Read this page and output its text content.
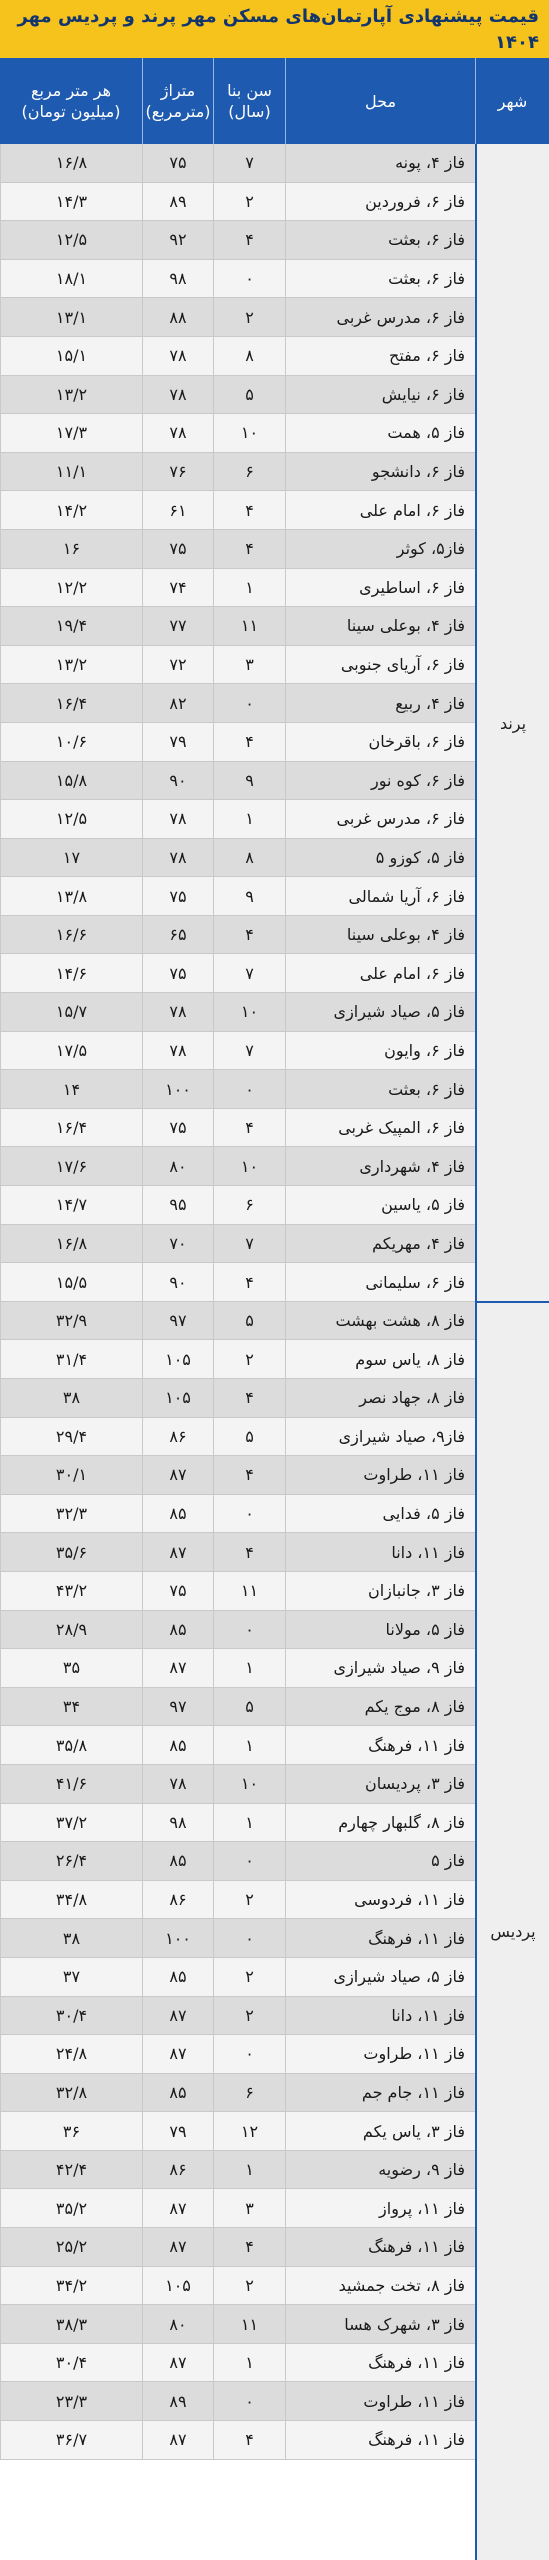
قیمت پیشنهادی آپارتمان‌های مسکن مهر پرند و پردیس مهر ۱۴۰۴
شهر
محل
سن بنا (سال)
متراژ (مترمربع)
هر متر مربع (میلیون تومان)
پرند
پردیس
فاز ۴، پونه
۷
۷۵
۱۶/۸
فاز ۶، فروردین
۲
۸۹
۱۴/۳
فاز ۶، بعثت
۴
۹۲
۱۲/۵
فاز ۶، بعثت
۰
۹۸
۱۸/۱
فاز ۶، مدرس غربی
۲
۸۸
۱۳/۱
فاز ۶، مفتح
۸
۷۸
۱۵/۱
فاز ۶، نیایش
۵
۷۸
۱۳/۲
فاز ۵، همت
۱۰
۷۸
۱۷/۳
فاز ۶، دانشجو
۶
۷۶
۱۱/۱
فاز ۶، امام علی
۴
۶۱
۱۴/۲
فاز۵، کوثر
۴
۷۵
۱۶
فاز ۶، اساطیری
۱
۷۴
۱۲/۲
فاز ۴، بوعلی سینا
۱۱
۷۷
۱۹/۴
فاز ۶، آریای جنوبی
۳
۷۲
۱۳/۲
فاز ۴، ربیع
۰
۸۲
۱۶/۴
فاز ۶، باقرخان
۴
۷۹
۱۰/۶
فاز ۶، کوه نور
۹
۹۰
۱۵/۸
فاز ۶، مدرس غربی
۱
۷۸
۱۲/۵
فاز ۵، کوزو ۵
۸
۷۸
۱۷
فاز ۶، آریا شمالی
۹
۷۵
۱۳/۸
فاز ۴، بوعلی سینا
۴
۶۵
۱۶/۶
فاز ۶، امام علی
۷
۷۵
۱۴/۶
فاز ۵، صیاد شیرازی
۱۰
۷۸
۱۵/۷
فاز ۶، وایون
۷
۷۸
۱۷/۵
فاز ۶، بعثت
۰
۱۰۰
۱۴
فاز ۶، المپیک غربی
۴
۷۵
۱۶/۴
فاز ۴، شهرداری
۱۰
۸۰
۱۷/۶
فاز ۵، یاسین
۶
۹۵
۱۴/۷
فاز ۴، مهریکم
۷
۷۰
۱۶/۸
فاز ۶، سلیمانی
۴
۹۰
۱۵/۵
فاز ۸، هشت بهشت
۵
۹۷
۳۲/۹
فاز ۸، یاس سوم
۲
۱۰۵
۳۱/۴
فاز ۸، جهاد نصر
۴
۱۰۵
۳۸
فاز۹، صیاد شیرازی
۵
۸۶
۲۹/۴
فاز ۱۱، طراوت
۴
۸۷
۳۰/۱
فاز ۵، فدایی
۰
۸۵
۳۲/۳
فاز ۱۱، دانا
۴
۸۷
۳۵/۶
فاز ۳، جانبازان
۱۱
۷۵
۴۳/۲
فاز ۵، مولانا
۰
۸۵
۲۸/۹
فاز ۹، صیاد شیرازی
۱
۸۷
۳۵
فاز ۸، موج یکم
۵
۹۷
۳۴
فاز ۱۱، فرهنگ
۱
۸۵
۳۵/۸
فاز ۳، پردیسان
۱۰
۷۸
۴۱/۶
فاز ۸، گلبهار چهارم
۱
۹۸
۳۷/۲
فاز ۵
۰
۸۵
۲۶/۴
فاز ۱۱، فردوسی
۲
۸۶
۳۴/۸
فاز ۱۱، فرهنگ
۰
۱۰۰
۳۸
فاز ۵، صیاد شیرازی
۲
۸۵
۳۷
فاز ۱۱، دانا
۲
۸۷
۳۰/۴
فاز ۱۱، طراوت
۰
۸۷
۲۴/۸
فاز ۱۱، جام جم
۶
۸۵
۳۲/۸
فاز ۳، یاس یکم
۱۲
۷۹
۳۶
فاز ۹، رضویه
۱
۸۶
۴۲/۴
فاز ۱۱، پرواز
۳
۸۷
۳۵/۲
فاز ۱۱، فرهنگ
۴
۸۷
۲۵/۲
فاز ۸، تخت جمشید
۲
۱۰۵
۳۴/۲
فاز ۳، شهرک هسا
۱۱
۸۰
۳۸/۳
فاز ۱۱، فرهنگ
۱
۸۷
۳۰/۴
فاز ۱۱، طراوت
۰
۸۹
۲۳/۳
فاز ۱۱، فرهنگ
۴
۸۷
۳۶/۷
